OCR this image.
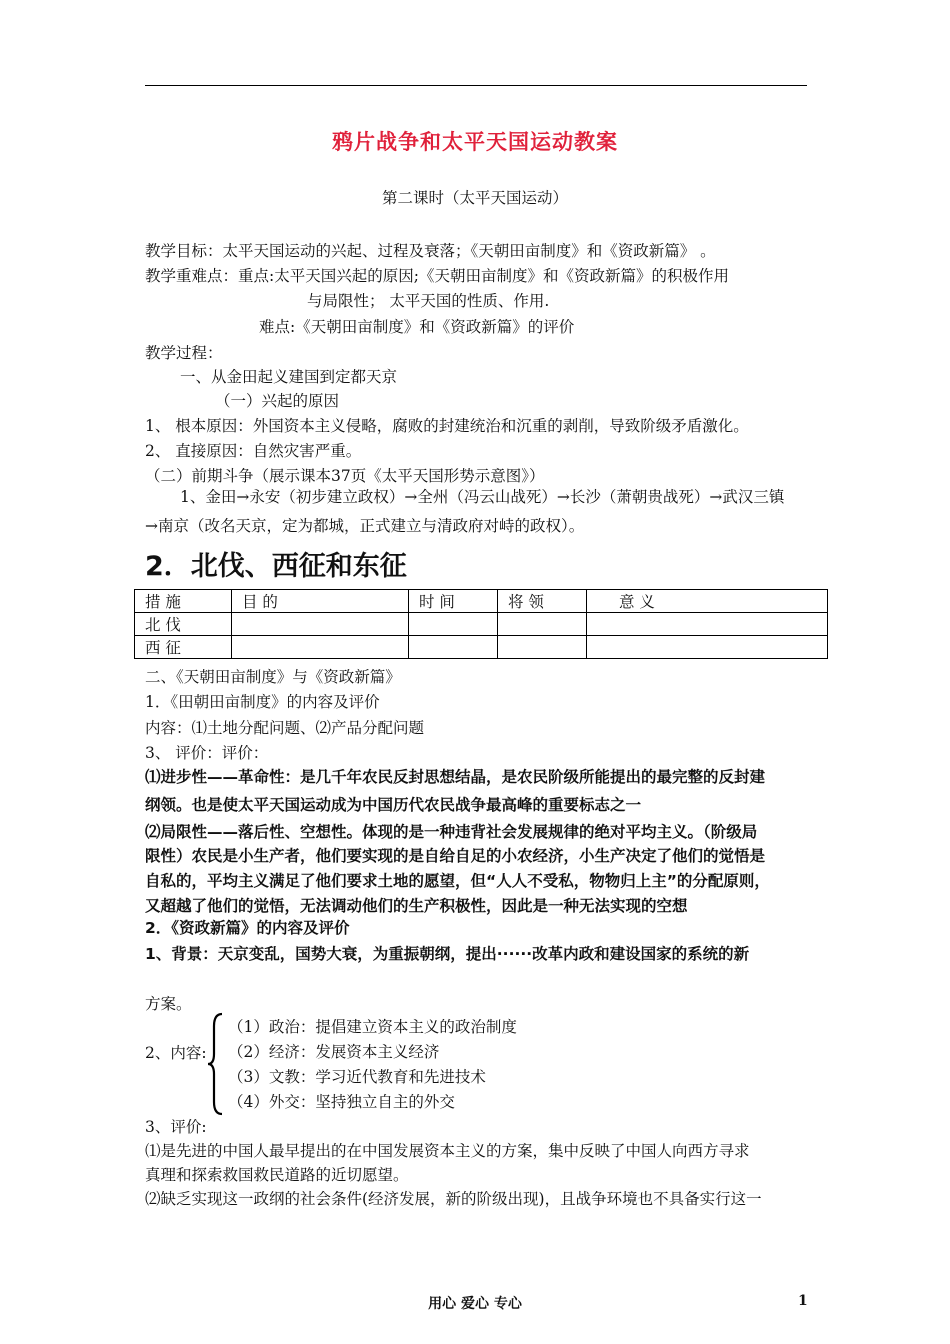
鸦片战争和太平天国运动教案
第二课时（太平天国运动）
教学目标：太平天国运动的兴起、过程及衰落；《天朝田亩制度》和《资政新篇》 。
教学重难点：重点:太平天国兴起的原因;《天朝田亩制度》和《资政新篇》的积极作用
与局限性； 太平天国的性质、作用.
难点:《天朝田亩制度》和《资政新篇》的评价
教学过程：
一、从金田起义建国到定都天京
（一）兴起的原因
1、 根本原因：外国资本主义侵略，腐败的封建统治和沉重的剥削，导致阶级矛盾激化。
2、 直接原因：自然灾害严重。
（二）前期斗争（展示课本37页《太平天国形势示意图》）
1、金田→永安（初步建立政权）→全州（冯云山战死）→长沙（萧朝贵战死）→武汉三镇
→南京（改名天京，定为都城，正式建立与清政府对峙的政权）。
2．北伐、西征和东征
措 施	目 的	时 间	将 领	意 义
北 伐				
西 征				
二、《天朝田亩制度》与《资政新篇》
1．《田朝田亩制度》的内容及评价
内容：⑴土地分配问题、⑵产品分配问题
3、 评价：评价：
⑴进步性——革命性：是几千年农民反封思想结晶，是农民阶级所能提出的最完整的反封建
纲领。也是使太平天国运动成为中国历代农民战争最高峰的重要标志之一
⑵局限性——落后性、空想性。体现的是一种违背社会发展规律的绝对平均主义。（阶级局
限性）农民是小生产者，他们要实现的是自给自足的小农经济，小生产决定了他们的觉悟是
自私的，平均主义满足了他们要求土地的愿望，但“人人不受私，物物归上主”的分配原则，
又超越了他们的觉悟，无法调动他们的生产积极性，因此是一种无法实现的空想
2．《资政新篇》的内容及评价
1、背景：天京变乱，国势大衰，为重振朝纲，提出······改革内政和建设国家的系统的新
方案。
2、内容:
（1）政治：提倡建立资本主义的政治制度
（2）经济：发展资本主义经济
（3）文教：学习近代教育和先进技术
（4）外交：坚持独立自主的外交
3、评价:
⑴是先进的中国人最早提出的在中国发展资本主义的方案，集中反映了中国人向西方寻求
真理和探索救国救民道路的近切愿望。
⑵缺乏实现这一政纲的社会条件(经济发展，新的阶级出现)，且战争环境也不具备实行这一
用心 爱心 专心	1
